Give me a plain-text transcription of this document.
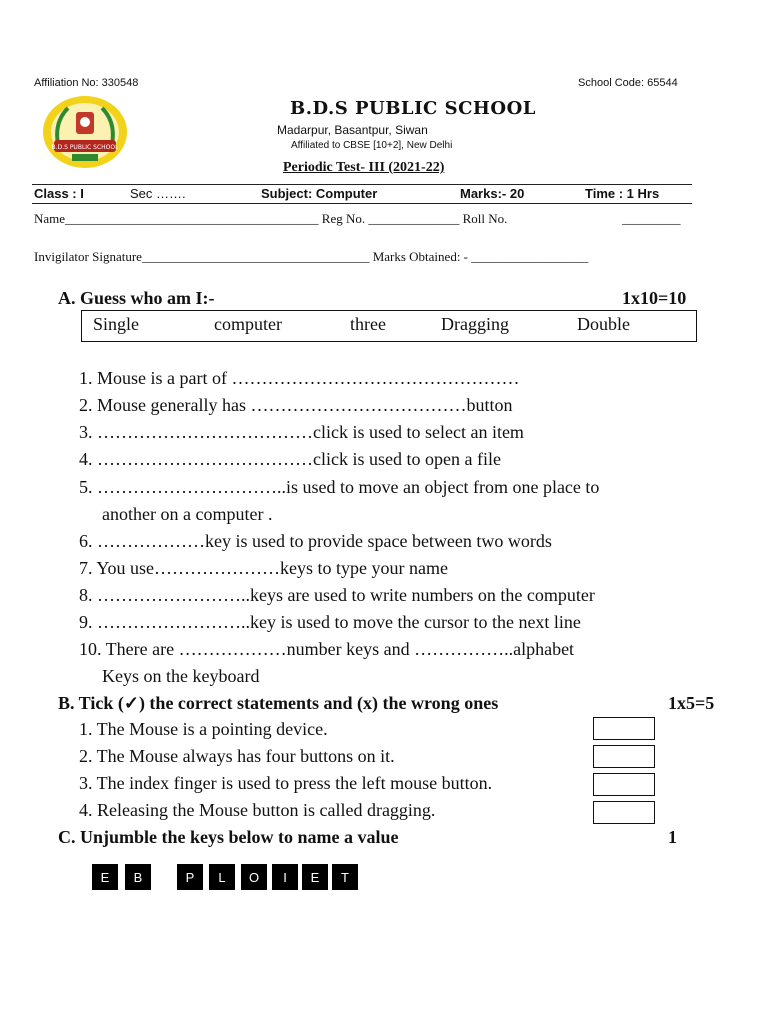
Affiliation No: 330548	School Code: 65544
B.D.S PUBLIC SCHOOL
B.D.S PUBLIC SCHOOL
Madarpur, Basantpur, Siwan
Affiliated to CBSE [10+2], New Delhi
Periodic Test- III (2021-22)
Class : I	Sec …….	Subject: Computer	Marks:- 20	Time : 1 Hrs
Name_______________________________________ Reg No. ______________ Roll No.	_________
Invigilator Signature___________________________________ Marks Obtained: - __________________
A. Guess who am I:-	1x10=10
Single	computer	three	Dragging	Double
1. Mouse is a part of …………………………………………
2. Mouse generally has ………………………………button
3. ………………………………click is used to select an item
4. ………………………………click is used to open a file
5. …………………………..is used to move an object from one place to
another on a computer .
6. ………………key is used to provide space between two words
7. You use…………………keys to type your name
8. ……………………..keys are used to write numbers on the computer
9. ……………………..key is used to move the cursor to the next line
10. There are ………………number keys and ……………..alphabet
Keys on the keyboard
B. Tick (✓) the correct statements and (x) the wrong ones	1x5=5
1. The Mouse is a pointing device.
2. The Mouse always has four buttons on it.
3. The index finger is used to press the left mouse button.
4. Releasing the Mouse button is called dragging.
C. Unjumble the keys below to name a value	1
E	B	P	L	O	I	E	T
